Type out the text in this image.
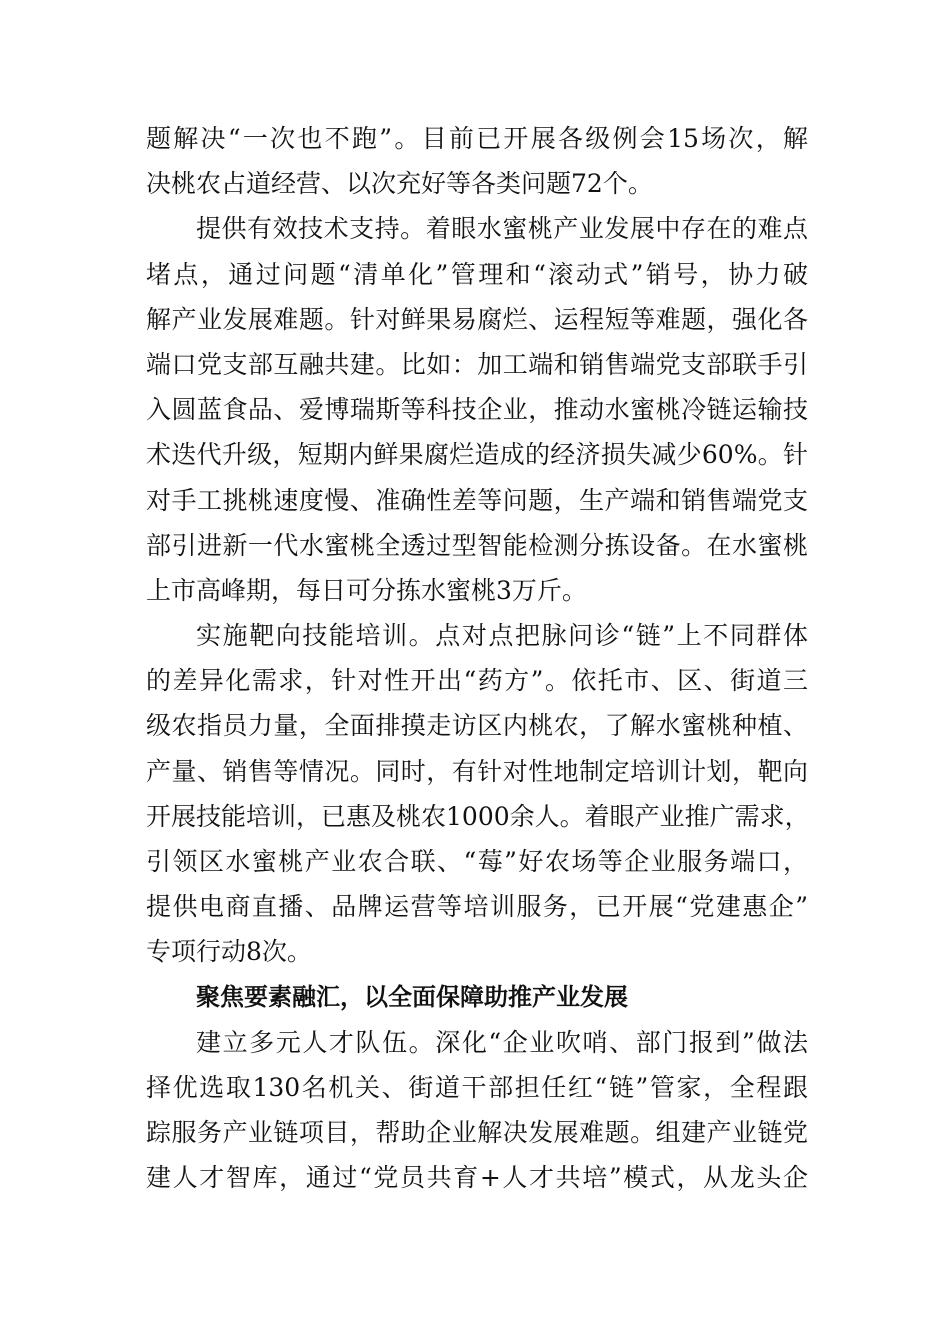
题解决“一次也不跑”。目前已开展各级例会15场次，解
决桃农占道经营、以次充好等各类问题72个。
提供有效技术支持。着眼水蜜桃产业发展中存在的难点
堵点，通过问题“清单化”管理和“滚动式”销号，协力破
解产业发展难题。针对鲜果易腐烂、运程短等难题，强化各
端口党支部互融共建。比如：加工端和销售端党支部联手引
入圆蓝食品、爱博瑞斯等科技企业，推动水蜜桃冷链运输技
术迭代升级，短期内鲜果腐烂造成的经济损失减少60%。针
对手工挑桃速度慢、准确性差等问题，生产端和销售端党支
部引进新一代水蜜桃全透过型智能检测分拣设备。在水蜜桃
上市高峰期，每日可分拣水蜜桃3万斤。
实施靶向技能培训。点对点把脉问诊“链”上不同群体
的差异化需求，针对性开出“药方”。依托市、区、街道三
级农指员力量，全面排摸走访区内桃农，了解水蜜桃种植、
产量、销售等情况。同时，有针对性地制定培训计划，靶向
开展技能培训，已惠及桃农1000余人。着眼产业推广需求，
引领区水蜜桃产业农合联、“莓”好农场等企业服务端口，
提供电商直播、品牌运营等培训服务，已开展“党建惠企”
专项行动8次。
聚焦要素融汇，以全面保障助推产业发展
建立多元人才队伍。深化“企业吹哨、部门报到”做法
择优选取130名机关、街道干部担任红“链”管家，全程跟
踪服务产业链项目，帮助企业解决发展难题。组建产业链党
建人才智库，通过“党员共育+人才共培”模式，从龙头企
